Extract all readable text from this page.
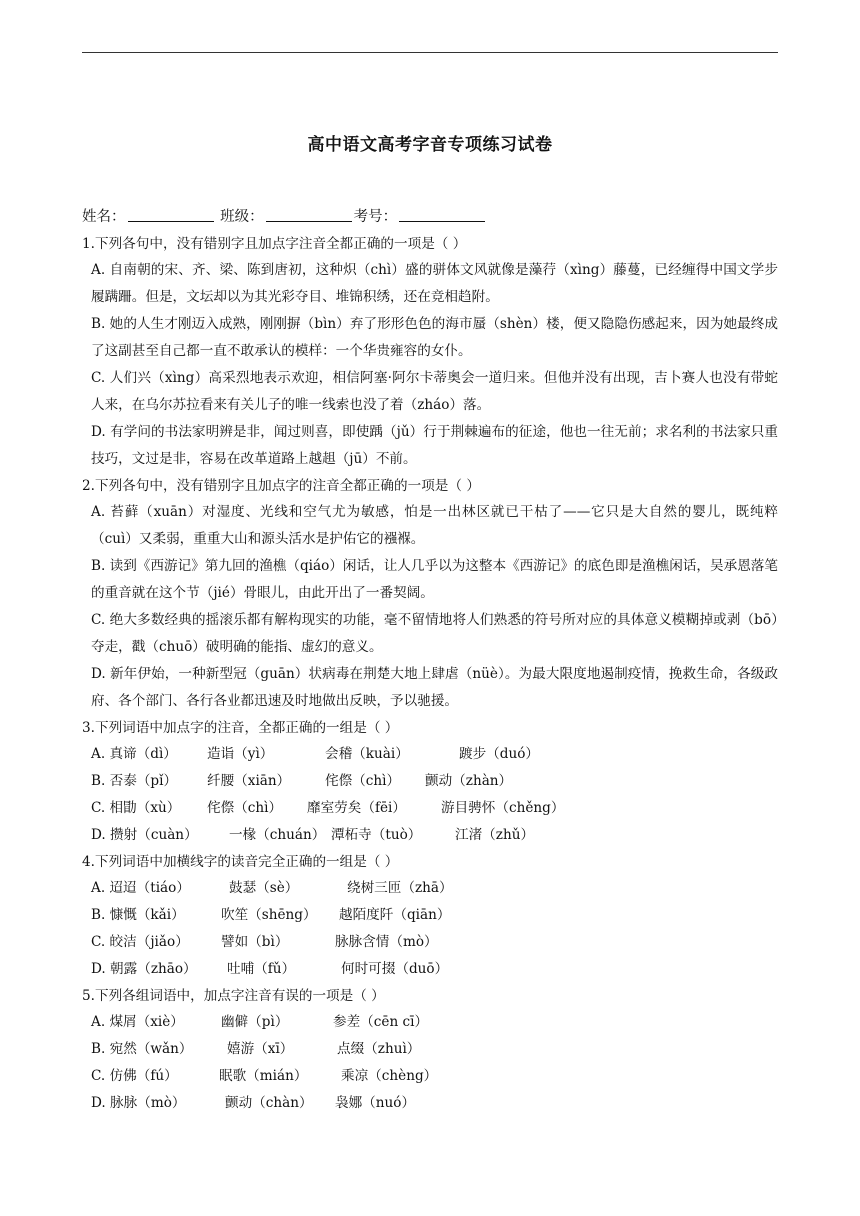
高中语文高考字音专项练习试卷
姓名：	班级：	考号：
1.下列各句中，没有错别字且加点字注音全都正确的一项是（ ）
A. 自南朝的宋、齐、梁、陈到唐初，这种炽（chì）盛的骈体文风就像是藻荇（xìng）藤蔓，已经缠得中国文学步履蹒跚。但是，文坛却以为其光彩夺目、堆锦积绣，还在竞相趋附。
B. 她的人生才刚迈入成熟，刚刚摒（bìn）弃了形形色色的海市蜃（shèn）楼，便又隐隐伤感起来，因为她最终成了这副甚至自己都一直不敢承认的模样：一个华贵雍容的女仆。
C. 人们兴（xìng）高采烈地表示欢迎，相信阿塞·阿尔卡蒂奥会一道归来。但他并没有出现，吉卜赛人也没有带蛇人来，在乌尔苏拉看来有关儿子的唯一线索也没了着（zháo）落。
D. 有学问的书法家明辨是非，闻过则喜，即使踽（jǔ）行于荆棘遍布的征途，他也一往无前；求名利的书法家只重技巧，文过是非，容易在改革道路上越趄（jū）不前。
2.下列各句中，没有错别字且加点字的注音全都正确的一项是（ ）
A. 苔藓（xuān）对湿度、光线和空气尤为敏感，怕是一出林区就已干枯了——它只是大自然的婴儿，既纯粹（cuì）又柔弱，重重大山和源头活水是护佑它的襁褓。
B. 读到《西游记》第九回的渔樵（qiáo）闲话，让人几乎以为这整本《西游记》的底色即是渔樵闲话，吴承恩落笔的重音就在这个节（jié）骨眼儿，由此开出了一番契阔。
C. 绝大多数经典的摇滚乐都有解构现实的功能，毫不留情地将人们熟悉的符号所对应的具体意义模糊掉或剥（bō）夺走，戳（chuō）破明确的能指、虚幻的意义。
D. 新年伊始，一种新型冠（guān）状病毒在荆楚大地上肆虐（nüè）。为最大限度地遏制疫情，挽救生命，各级政府、各个部门、各行各业都迅速及时地做出反映，予以驰援。
3.下列词语中加点字的注音，全都正确的一组是（ ）
A. 真谛（dì）	造诣（yì）	会稽（kuài）	踱步（duó）
B. 否泰（pǐ）	纤腰（xiān）	侘傺（chì）	颤动（zhàn）
C. 相勖（xù）	侘傺（chì）	靡室劳矣（fēi）	游目骋怀（chěng）
D. 攒射（cuàn）	一椽（chuán） 潭柘寺（tuò）	江渚（zhǔ）
4.下列词语中加横线字的读音完全正确的一组是（ ）
A. 迢迢（tiáo）	鼓瑟（sè）	绕树三匝（zhā）
B. 慷慨（kǎi）	吹笙（shēng）	越陌度阡（qiān）
C. 皎洁（jiǎo）	譬如（bì）	脉脉含情（mò）
D. 朝露（zhāo）	吐哺（fǔ）	何时可掇（duō）
5.下列各组词语中，加点字注音有误的一项是（ ）
A. 煤屑（xiè）	幽僻（pì）	参差（cēn cī）
B. 宛然（wǎn）	嬉游（xī）	点缀（zhuì）
C. 仿佛（fú）	眠歌（mián）	乘凉（chèng）
D. 脉脉（mò）	颤动（chàn）	袅娜（nuó）
